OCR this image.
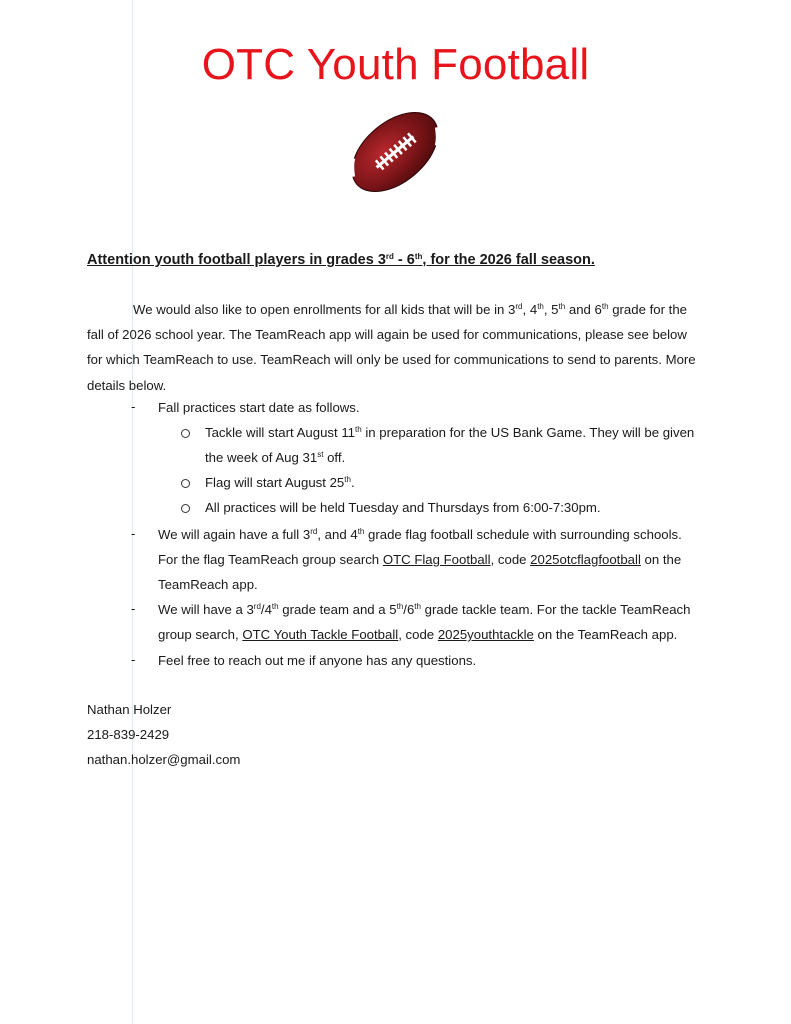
OTC Youth Football
Attention youth football players in grades 3rd - 6th, for the 2026 fall season.
We would also like to open enrollments for all kids that will be in 3rd, 4th, 5th and 6th grade for the
fall of 2026 school year. The TeamReach app will again be used for communications, please see below
for which TeamReach to use. TeamReach will only be used for communications to send to parents. More
details below.
- Fall practices start date as follows.
Tackle will start August 11th in preparation for the US Bank Game. They will be given
the week of Aug 31st off.
Flag will start August 25th.
All practices will be held Tuesday and Thursdays from 6:00-7:30pm.
- We will again have a full 3rd, and 4th grade flag football schedule with surrounding schools.
For the flag TeamReach group search OTC Flag Football, code 2025otcflagfootball on the
TeamReach app.
- We will have a 3rd/4th grade team and a 5th/6th grade tackle team. For the tackle TeamReach
group search, OTC Youth Tackle Football, code 2025youthtackle on the TeamReach app.
- Feel free to reach out me if anyone has any questions.
Nathan Holzer
218-839-2429
nathan.holzer@gmail.com
